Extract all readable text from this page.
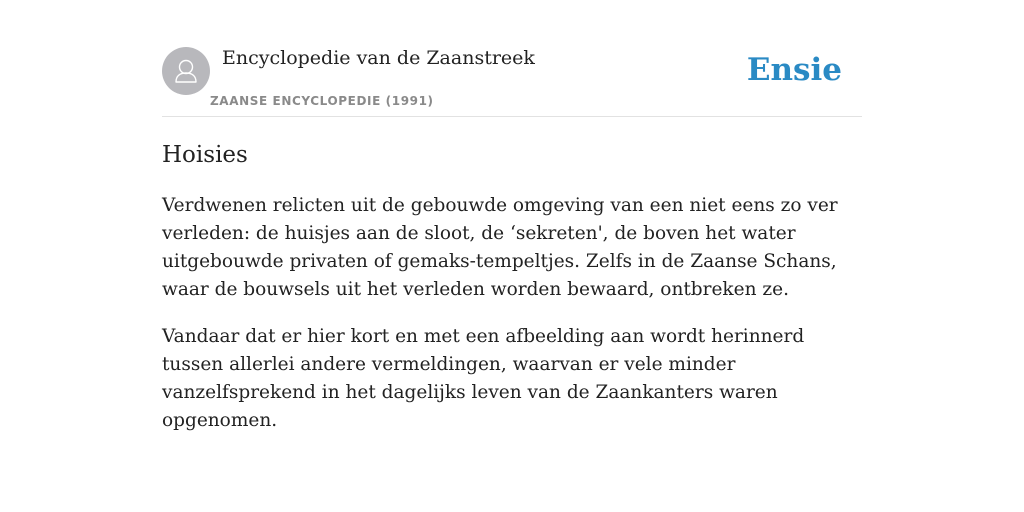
Encyclopedie van de Zaanstreek
ZAANSE ENCYCLOPEDIE (1991)
Ensie
Hoisies

Verdwenen relicten uit de gebouwde omgeving van een niet eens zo ver verleden: de huisjes aan de sloot, de ‘sekreten', de boven het water uitgebouwde privaten of gemaks-tempeltjes. Zelfs in de Zaanse Schans, waar de bouwsels uit het verleden worden bewaard, ontbreken ze.

Vandaar dat er hier kort en met een afbeelding aan wordt herinnerd tussen allerlei andere vermeldingen, waarvan er vele minder vanzelfsprekend in het dagelijks leven van de Zaankanters waren opgenomen.
